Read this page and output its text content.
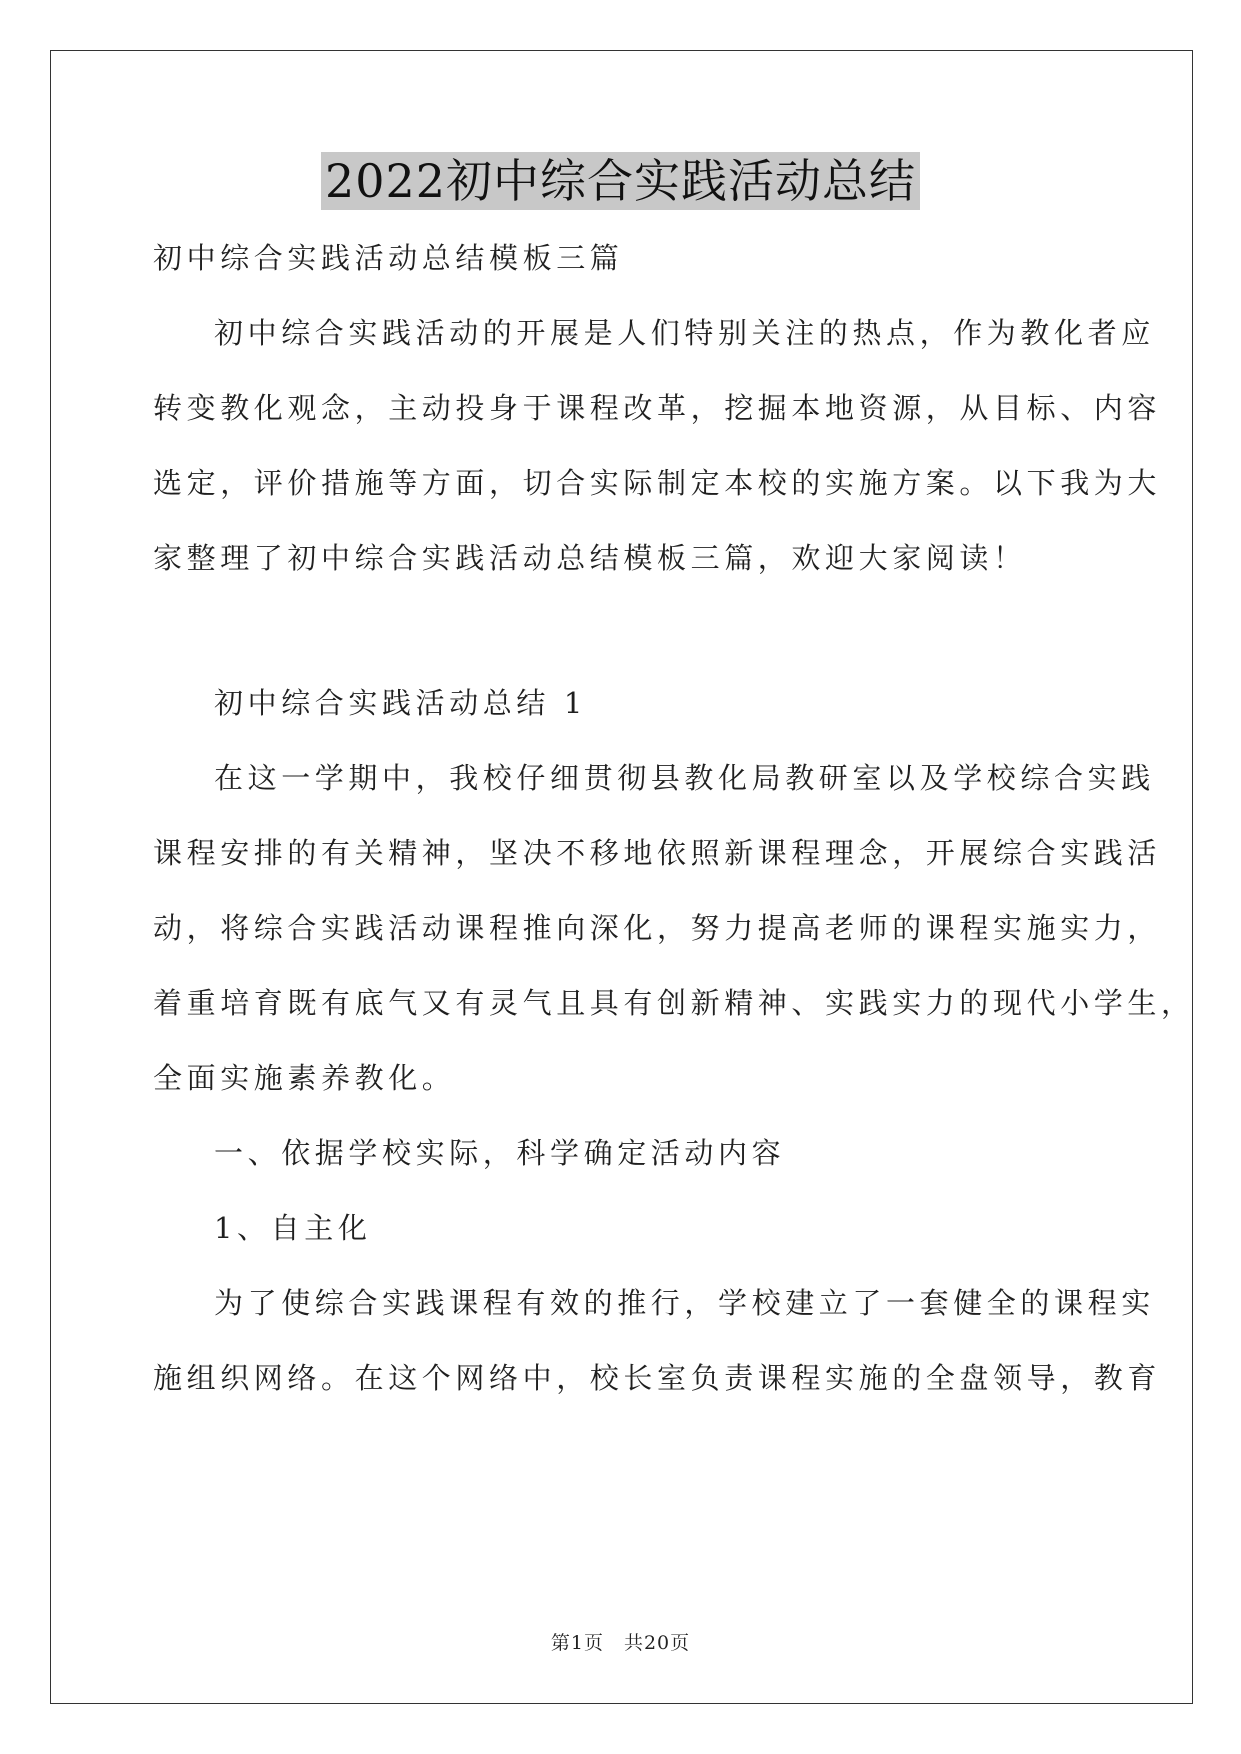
2022初中综合实践活动总结
初中综合实践活动总结模板三篇
初中综合实践活动的开展是人们特别关注的热点，作为教化者应
转变教化观念，主动投身于课程改革，挖掘本地资源，从目标、内容
选定，评价措施等方面，切合实际制定本校的实施方案。以下我为大
家整理了初中综合实践活动总结模板三篇，欢迎大家阅读！
初中综合实践活动总结 1
在这一学期中，我校仔细贯彻县教化局教研室以及学校综合实践
课程安排的有关精神，坚决不移地依照新课程理念，开展综合实践活
动，将综合实践活动课程推向深化，努力提高老师的课程实施实力，
着重培育既有底气又有灵气且具有创新精神、实践实力的现代小学生，
全面实施素养教化。
一、依据学校实际，科学确定活动内容
1、自主化
为了使综合实践课程有效的推行，学校建立了一套健全的课程实
施组织网络。在这个网络中，校长室负责课程实施的全盘领导，教育
第1页　共20页
